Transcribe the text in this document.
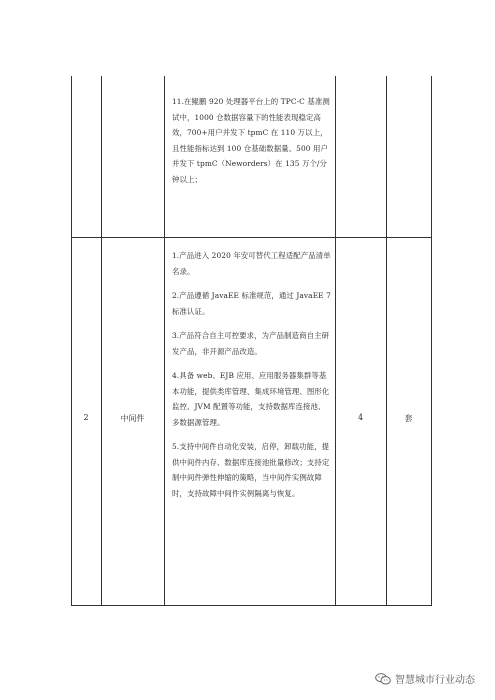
11.在鲲鹏 920 处理器平台上的 TPC-C 基准测试中，1000 仓数据容量下的性能表现稳定高效，700+用户并发下 tpmC 在 110 万以上，且性能指标达到 100 仓基础数据量、500 用户并发下 tpmC（Neworders）在 135 万个/分钟以上；

2	中间件

1.产品进入 2020 年安可替代工程适配产品清单名录。

2.产品遵循 JavaEE 标准规范，通过 JavaEE 7 标准认证。

3.产品符合自主可控要求，为产品制造商自主研发产品，非开源产品改造。

4.具备 web、EJB 应用、应用服务器集群等基本功能，提供类库管理、集成环境管理、图形化监控、JVM 配置等功能，支持数据库连接池、多数据源管理。

5.支持中间件自动化安装，启停，卸载功能，提供中间件内存、数据库连接池批量修改；支持定制中间件弹性伸缩的策略，当中间件实例故障时，支持故障中间件实例隔离与恢复。

4	套
智慧城市行业动态
